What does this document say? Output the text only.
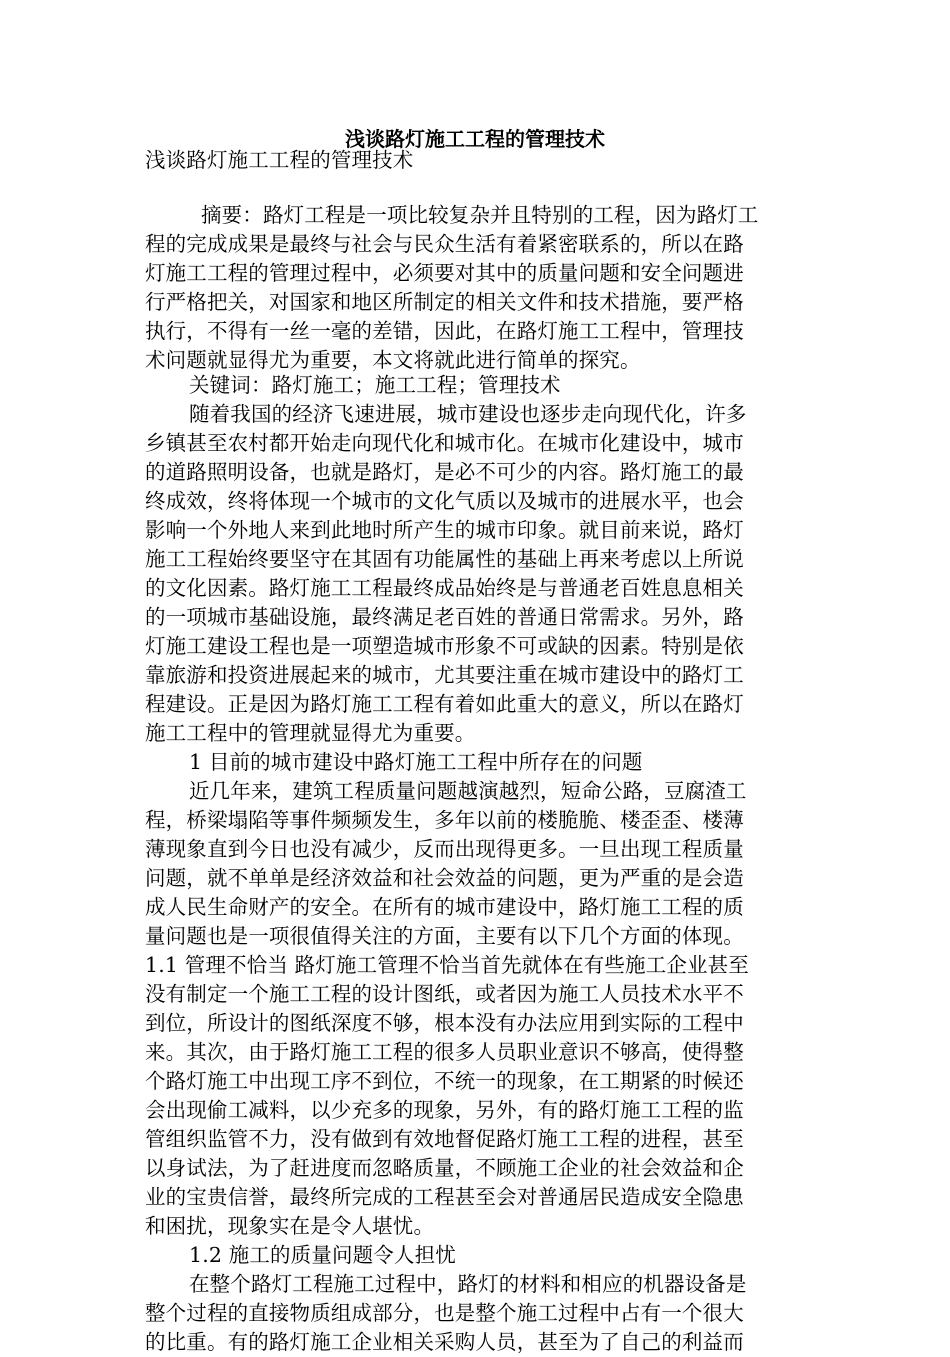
浅谈路灯施工工程的管理技术
浅谈路灯施工工程的管理技术
摘要：路灯工程是一项比较复杂并且特别的工程，因为路灯工
程的完成成果是最终与社会与民众生活有着紧密联系的，所以在路
灯施工工程的管理过程中，必须要对其中的质量问题和安全问题进
行严格把关，对国家和地区所制定的相关文件和技术措施，要严格
执行，不得有一丝一毫的差错，因此，在路灯施工工程中，管理技
术问题就显得尤为重要，本文将就此进行简单的探究。
关键词：路灯施工；施工工程；管理技术
随着我国的经济飞速进展，城市建设也逐步走向现代化，许多
乡镇甚至农村都开始走向现代化和城市化。在城市化建设中，城市
的道路照明设备，也就是路灯，是必不可少的内容。路灯施工的最
终成效，终将体现一个城市的文化气质以及城市的进展水平，也会
影响一个外地人来到此地时所产生的城市印象。就目前来说，路灯
施工工程始终要坚守在其固有功能属性的基础上再来考虑以上所说
的文化因素。路灯施工工程最终成品始终是与普通老百姓息息相关
的一项城市基础设施，最终满足老百姓的普通日常需求。另外，路
灯施工建设工程也是一项塑造城市形象不可或缺的因素。特别是依
靠旅游和投资进展起来的城市，尤其要注重在城市建设中的路灯工
程建设。正是因为路灯施工工程有着如此重大的意义，所以在路灯
施工工程中的管理就显得尤为重要。
1 目前的城市建设中路灯施工工程中所存在的问题
近几年来，建筑工程质量问题越演越烈，短命公路，豆腐渣工
程，桥梁塌陷等事件频频发生，多年以前的楼脆脆、楼歪歪、楼薄
薄现象直到今日也没有减少，反而出现得更多。一旦出现工程质量
问题，就不单单是经济效益和社会效益的问题，更为严重的是会造
成人民生命财产的安全。在所有的城市建设中，路灯施工工程的质
量问题也是一项很值得关注的方面，主要有以下几个方面的体现。
1.1 管理不恰当 路灯施工管理不恰当首先就体在有些施工企业甚至
没有制定一个施工工程的设计图纸，或者因为施工人员技术水平不
到位，所设计的图纸深度不够，根本没有办法应用到实际的工程中
来。其次，由于路灯施工工程的很多人员职业意识不够高，使得整
个路灯施工中出现工序不到位，不统一的现象，在工期紧的时候还
会出现偷工减料，以少充多的现象，另外，有的路灯施工工程的监
管组织监管不力，没有做到有效地督促路灯施工工程的进程，甚至
以身试法，为了赶进度而忽略质量，不顾施工企业的社会效益和企
业的宝贵信誉，最终所完成的工程甚至会对普通居民造成安全隐患
和困扰，现象实在是令人堪忧。
1.2 施工的质量问题令人担忧
在整个路灯工程施工过程中，路灯的材料和相应的机器设备是
整个过程的直接物质组成部分，也是整个施工过程中占有一个很大
的比重。有的路灯施工企业相关采购人员，甚至为了自己的利益而
